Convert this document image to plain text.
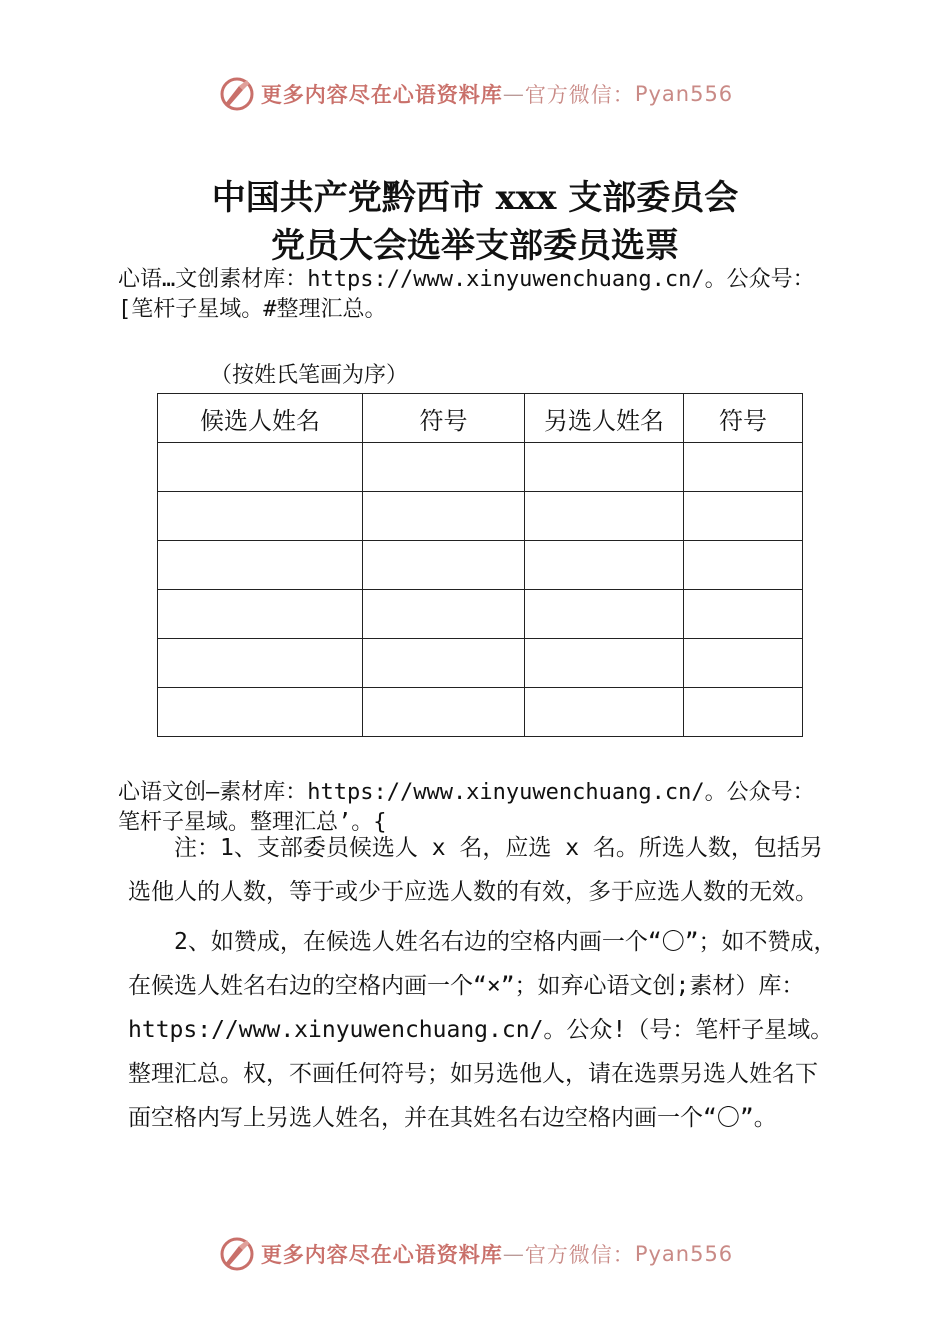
更多内容尽在心语资料库 — 官方微信： Pyan556
中国共产党黔西市 xxx 支部委员会
党员大会选举支部委员选票
心语…文创素材库：https://www.xinyuwenchuang.cn/。公众号：
[笔杆子星域。#整理汇总。
（按姓氏笔画为序）
候选人姓名	符号	另选人姓名	符号

心语文创—素材库：https://www.xinyuwenchuang.cn/。公众号：
笔杆子星域。整理汇总’。{

注：1、支部委员候选人 x 名，应选 x 名。所选人数，包括另选他人的人数，等于或少于应选人数的有效，多于应选人数的无效。

2、如赞成，在候选人姓名右边的空格内画一个“〇”；如不赞成，在候选人姓名右边的空格内画一个“×”；如弃心语文创;素材）库：https://www.xinyuwenchuang.cn/。公众!（号：笔杆子星域。整理汇总。权，不画任何符号；如另选他人，请在选票另选人姓名下面空格内写上另选人姓名，并在其姓名右边空格内画一个“〇”。

更多内容尽在心语资料库 — 官方微信： Pyan556
